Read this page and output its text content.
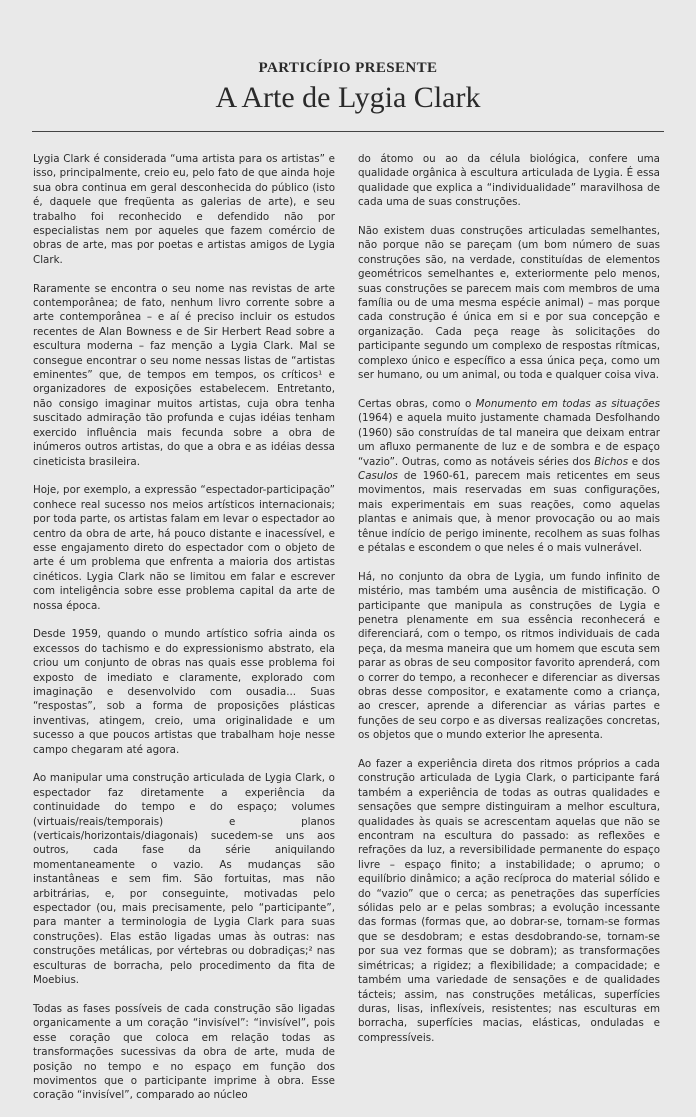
PARTICÍPIO PRESENTE
A Arte de Lygia Clark

Lygia Clark é considerada “uma artista para os artistas” e isso, principalmente, creio eu, pelo fato de que ainda hoje sua obra continua em geral desconhecida do público (isto é, daquele que freqüenta as galerias de arte), e seu trabalho foi reconhecido e defendido não por especialistas nem por aqueles que fazem comércio de obras de arte, mas por poetas e artistas amigos de Lygia Clark.

Raramente se encontra o seu nome nas revistas de arte contemporânea; de fato, nenhum livro corrente sobre a arte contemporânea – e aí é preciso incluir os estudos recentes de Alan Bowness e de Sir Herbert Read sobre a escultura moderna – faz menção a Lygia Clark. Mal se consegue encontrar o seu nome nessas listas de “artistas eminentes” que, de tempos em tempos, os críticos¹ e organizadores de exposições estabelecem. Entretanto, não consigo imaginar muitos artistas, cuja obra tenha suscitado admiração tão profunda e cujas idéias tenham exercido influência mais fecunda sobre a obra de inúmeros outros artistas, do que a obra e as idéias dessa cineticista brasileira.

Hoje, por exemplo, a expressão “espectador-participação” conhece real sucesso nos meios artísticos internacionais; por toda parte, os artistas falam em levar o espectador ao centro da obra de arte, há pouco distante e inacessível, e esse engajamento direto do espectador com o objeto de arte é um problema que enfrenta a maioria dos artistas cinéticos. Lygia Clark não se limitou em falar e escrever com inteligência sobre esse problema capital da arte de nossa época.

Desde 1959, quando o mundo artístico sofria ainda os excessos do tachismo e do expressionismo abstrato, ela criou um conjunto de obras nas quais esse problema foi exposto de imediato e claramente, explorado com imaginação e desenvolvido com ousadia... Suas “respostas”, sob a forma de proposições plásticas inventivas, atingem, creio, uma originalidade e um sucesso a que poucos artistas que trabalham hoje nesse campo chegaram até agora.

Ao manipular uma construção articulada de Lygia Clark, o espectador faz diretamente a experiência da continuidade do tempo e do espaço; volumes (virtuais/reais/temporais) e planos (verticais/horizontais/diagonais) sucedem-se uns aos outros, cada fase da série aniquilando momentaneamente o vazio. As mudanças são instantâneas e sem fim. São fortuitas, mas não arbitrárias, e, por conseguinte, motivadas pelo espectador (ou, mais precisamente, pelo “participante”, para manter a terminologia de Lygia Clark para suas construções). Elas estão ligadas umas às outras: nas construções metálicas, por vértebras ou dobradiças;² nas esculturas de borracha, pelo procedimento da fita de Moebius.

Todas as fases possíveis de cada construção são ligadas organicamente a um coração “invisível”: “invisível”, pois esse coração que coloca em relação todas as transformações sucessivas da obra de arte, muda de posição no tempo e no espaço em função dos movimentos que o participante imprime à obra. Esse coração “invisível”, comparado ao núcleo

do átomo ou ao da célula biológica, confere uma qualidade orgânica à escultura articulada de Lygia. É essa qualidade que explica a “individualidade” maravilhosa de cada uma de suas construções.

Não existem duas construções articuladas semelhantes, não porque não se pareçam (um bom número de suas construções são, na verdade, constituídas de elementos geométricos semelhantes e, exteriormente pelo menos, suas construções se parecem mais com membros de uma família ou de uma mesma espécie animal) – mas porque cada construção é única em si e por sua concepção e organização. Cada peça reage às solicitações do participante segundo um complexo de respostas rítmicas, complexo único e específico a essa única peça, como um ser humano, ou um animal, ou toda e qualquer coisa viva.

Certas obras, como o Monumento em todas as situações (1964) e aquela muito justamente chamada Desfolhando (1960) são construídas de tal maneira que deixam entrar um afluxo permanente de luz e de sombra e de espaço “vazio”. Outras, como as notáveis séries dos Bichos e dos Casulos de 1960-61, parecem mais reticentes em seus movimentos, mais reservadas em suas configurações, mais experimentais em suas reações, como aquelas plantas e animais que, à menor provocação ou ao mais tênue indício de perigo iminente, recolhem as suas folhas e pétalas e escondem o que neles é o mais vulnerável.

Há, no conjunto da obra de Lygia, um fundo infinito de mistério, mas também uma ausência de mistificação. O participante que manipula as construções de Lygia e penetra plenamente em sua essência reconhecerá e diferenciará, com o tempo, os ritmos individuais de cada peça, da mesma maneira que um homem que escuta sem parar as obras de seu compositor favorito aprenderá, com o correr do tempo, a reconhecer e diferenciar as diversas obras desse compositor, e exatamente como a criança, ao crescer, aprende a diferenciar as várias partes e funções de seu corpo e as diversas realizações concretas, os objetos que o mundo exterior lhe apresenta.

Ao fazer a experiência direta dos ritmos próprios a cada construção articulada de Lygia Clark, o participante fará também a experiência de todas as outras qualidades e sensações que sempre distinguiram a melhor escultura, qualidades às quais se acrescentam aquelas que não se encontram na escultura do passado: as reflexões e refrações da luz, a reversibilidade permanente do espaço livre – espaço finito; a instabilidade; o aprumo; o equilíbrio dinâmico; a ação recíproca do material sólido e do “vazio” que o cerca; as penetrações das superfícies sólidas pelo ar e pelas sombras; a evolução incessante das formas (formas que, ao dobrar-se, tornam-se formas que se desdobram; e estas desdobrando-se, tornam-se por sua vez formas que se dobram); as transformações simétricas; a rigidez; a flexibilidade; a compacidade; e também uma variedade de sensações e de qualidades tácteis; assim, nas construções metálicas, superfícies duras, lisas, inflexíveis, resistentes; nas esculturas em borracha, superfícies macias, elásticas, onduladas e compressíveis.
